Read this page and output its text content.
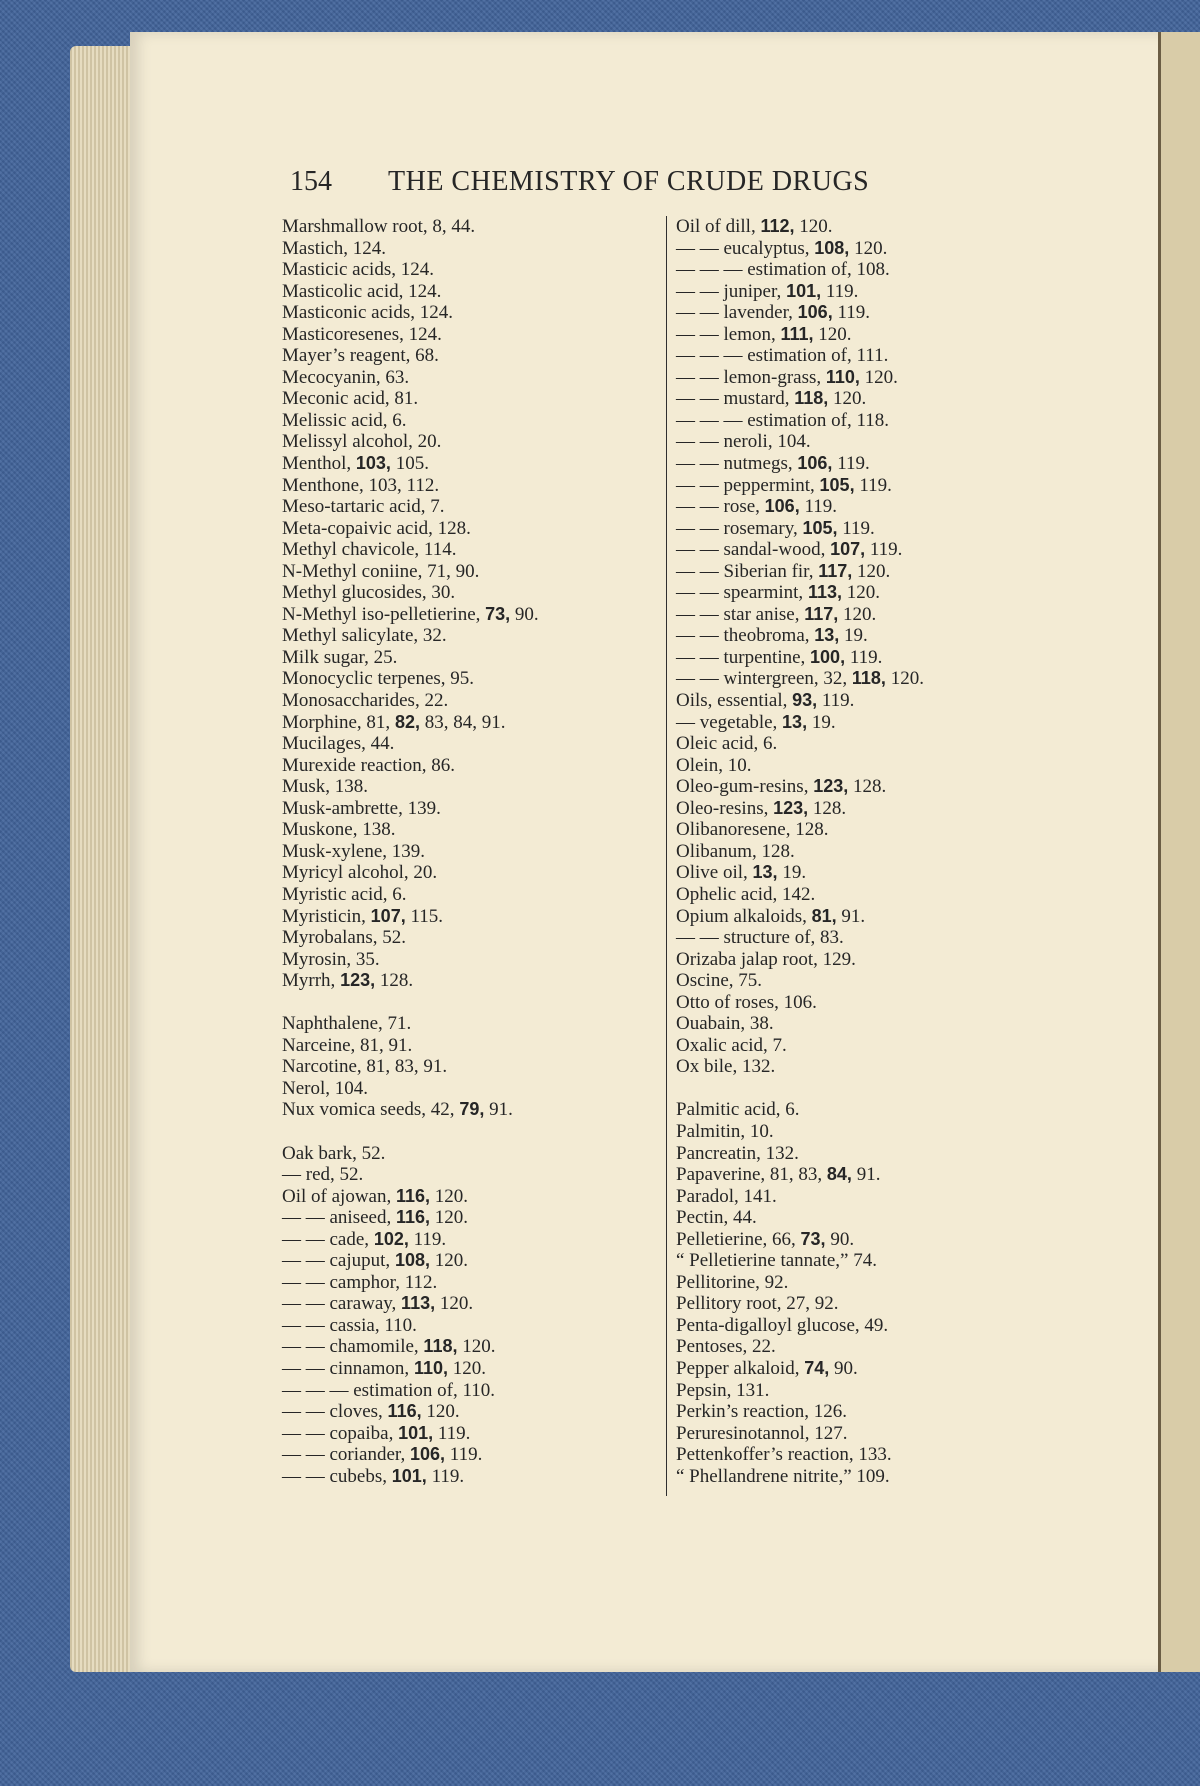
154 THE CHEMISTRY OF CRUDE DRUGS
Marshmallow root, 8, 44.
Mastich, 124.
Masticic acids, 124.
Masticolic acid, 124.
Masticonic acids, 124.
Masticoresenes, 124.
Mayer’s reagent, 68.
Mecocyanin, 63.
Meconic acid, 81.
Melissic acid, 6.
Melissyl alcohol, 20.
Menthol, 103, 105.
Menthone, 103, 112.
Meso-tartaric acid, 7.
Meta-copaivic acid, 128.
Methyl chavicole, 114.
N-Methyl coniine, 71, 90.
Methyl glucosides, 30.
N-Methyl iso-pelletierine, 73, 90.
Methyl salicylate, 32.
Milk sugar, 25.
Monocyclic terpenes, 95.
Monosaccharides, 22.
Morphine, 81, 82, 83, 84, 91.
Mucilages, 44.
Murexide reaction, 86.
Musk, 138.
Musk-ambrette, 139.
Muskone, 138.
Musk-xylene, 139.
Myricyl alcohol, 20.
Myristic acid, 6.
Myristicin, 107, 115.
Myrobalans, 52.
Myrosin, 35.
Myrrh, 123, 128.
Naphthalene, 71.
Narceine, 81, 91.
Narcotine, 81, 83, 91.
Nerol, 104.
Nux vomica seeds, 42, 79, 91.
Oak bark, 52.
— red, 52.
Oil of ajowan, 116, 120.
— — aniseed, 116, 120.
— — cade, 102, 119.
— — cajuput, 108, 120.
— — camphor, 112.
— — caraway, 113, 120.
— — cassia, 110.
— — chamomile, 118, 120.
— — cinnamon, 110, 120.
— — — estimation of, 110.
— — cloves, 116, 120.
— — copaiba, 101, 119.
— — coriander, 106, 119.
— — cubebs, 101, 119.
Oil of dill, 112, 120.
— — eucalyptus, 108, 120.
— — — estimation of, 108.
— — juniper, 101, 119.
— — lavender, 106, 119.
— — lemon, 111, 120.
— — — estimation of, 111.
— — lemon-grass, 110, 120.
— — mustard, 118, 120.
— — — estimation of, 118.
— — neroli, 104.
— — nutmegs, 106, 119.
— — peppermint, 105, 119.
— — rose, 106, 119.
— — rosemary, 105, 119.
— — sandal-wood, 107, 119.
— — Siberian fir, 117, 120.
— — spearmint, 113, 120.
— — star anise, 117, 120.
— — theobroma, 13, 19.
— — turpentine, 100, 119.
— — wintergreen, 32, 118, 120.
Oils, essential, 93, 119.
— vegetable, 13, 19.
Oleic acid, 6.
Olein, 10.
Oleo-gum-resins, 123, 128.
Oleo-resins, 123, 128.
Olibanoresene, 128.
Olibanum, 128.
Olive oil, 13, 19.
Ophelic acid, 142.
Opium alkaloids, 81, 91.
— — structure of, 83.
Orizaba jalap root, 129.
Oscine, 75.
Otto of roses, 106.
Ouabain, 38.
Oxalic acid, 7.
Ox bile, 132.
Palmitic acid, 6.
Palmitin, 10.
Pancreatin, 132.
Papaverine, 81, 83, 84, 91.
Paradol, 141.
Pectin, 44.
Pelletierine, 66, 73, 90.
“ Pelletierine tannate,” 74.
Pellitorine, 92.
Pellitory root, 27, 92.
Penta-digalloyl glucose, 49.
Pentoses, 22.
Pepper alkaloid, 74, 90.
Pepsin, 131.
Perkin’s reaction, 126.
Peruresinotannol, 127.
Pettenkoffer’s reaction, 133.
“ Phellandrene nitrite,” 109.
